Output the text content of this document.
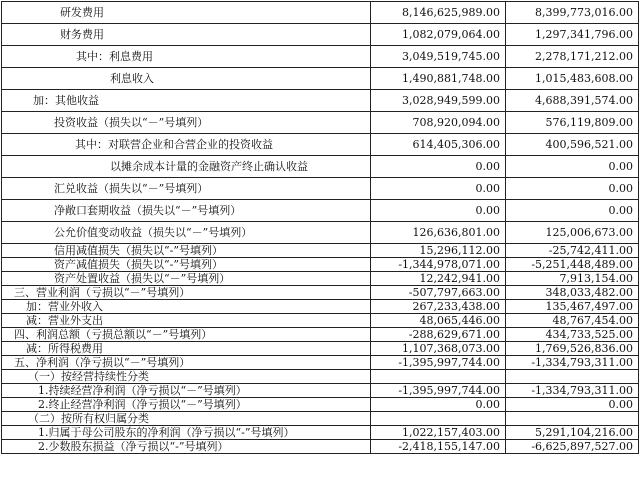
研发费用	8,146,625,989.00	8,399,773,016.00
财务费用	1,082,079,064.00	1,297,341,796.00
其中：利息费用	3,049,519,745.00	2,278,171,212.00
利息收入	1,490,881,748.00	1,015,483,608.00
加：其他收益	3,028,949,599.00	4,688,391,574.00
投资收益（损失以“－”号填列）	708,920,094.00	576,119,809.00
其中：对联营企业和合营企业的投资收益	614,405,306.00	400,596,521.00
以摊余成本计量的金融资产终止确认收益	0.00	0.00
汇兑收益（损失以“－”号填列）	0.00	0.00
净敞口套期收益（损失以“－”号填列）	0.00	0.00
公允价值变动收益（损失以“－”号填列）	126,636,801.00	125,006,673.00
信用减值损失（损失以“-”号填列）	15,296,112.00	-25,742,411.00
资产减值损失（损失以“-”号填列）	-1,344,978,071.00	-5,251,448,489.00
资产处置收益（损失以“－”号填列）	12,242,941.00	7,913,154.00
三、营业利润（亏损以“－”号填列）	-507,797,663.00	348,033,482.00
加：营业外收入	267,233,438.00	135,467,497.00
减：营业外支出	48,065,446.00	48,767,454.00
四、利润总额（亏损总额以“－”号填列）	-288,629,671.00	434,733,525.00
减：所得税费用	1,107,368,073.00	1,769,526,836.00
五、净利润（净亏损以“－”号填列）	-1,395,997,744.00	-1,334,793,311.00
（一）按经营持续性分类		
1.持续经营净利润（净亏损以“－”号填列）	-1,395,997,744.00	-1,334,793,311.00
2.终止经营净利润（净亏损以“－”号填列）	0.00	0.00
（二）按所有权归属分类		
1.归属于母公司股东的净利润（净亏损以“-”号填列）	1,022,157,403.00	5,291,104,216.00
2.少数股东损益（净亏损以“-”号填列）	-2,418,155,147.00	-6,625,897,527.00
